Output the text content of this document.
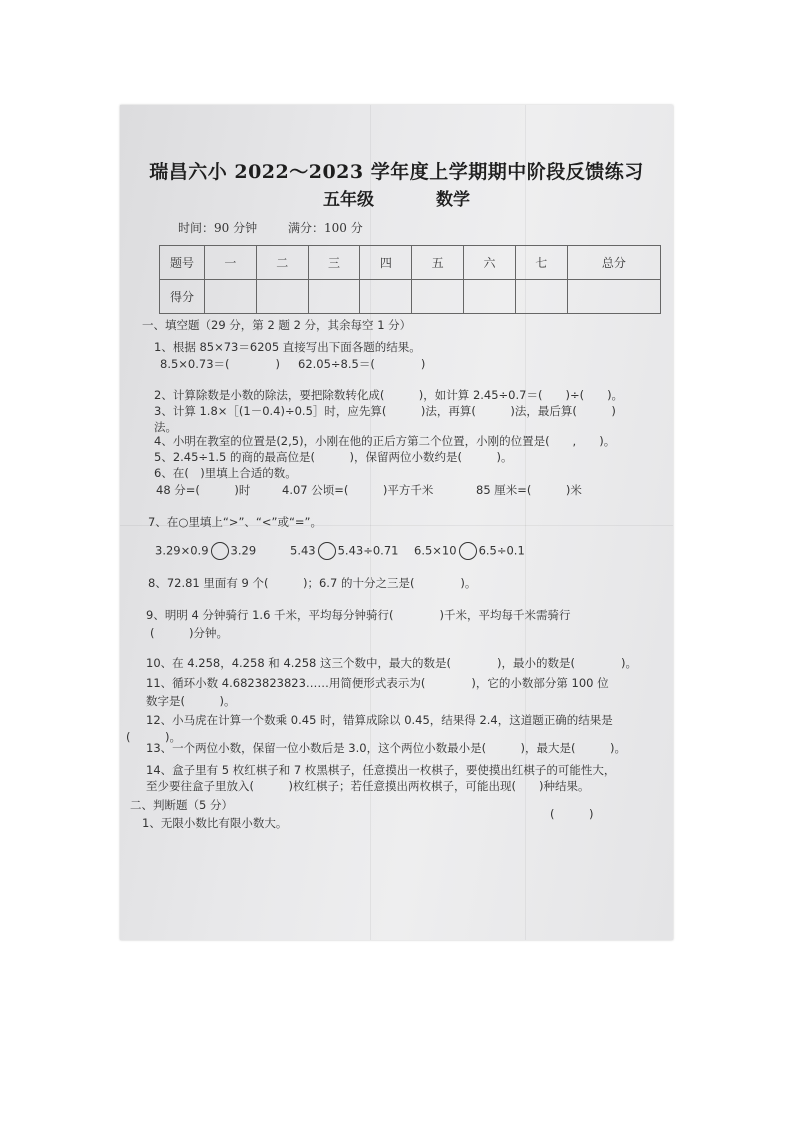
瑞昌六小 2022～2023 学年度上学期期中阶段反馈练习
五年级	数学
时间：90 分钟	满分：100 分
题号	一	二	三	四	五	六	七	总分
得分								
一、填空题（29 分，第 2 题 2 分，其余每空 1 分）
1、根据 85×73＝6205 直接写出下面各题的结果。
8.5×0.73＝(　　　　) 62.05÷8.5＝(　　　　)
2、计算除数是小数的除法，要把除数转化成(　　　)，如计算 2.45÷0.7＝(　　)÷(　　)。
3、计算 1.8×［(1－0.4)÷0.5］时，应先算(　　　)法，再算(　　　)法，最后算(　　　)
法。
4、小明在教室的位置是(2,5)，小刚在他的正后方第二个位置，小刚的位置是(　　,　　)。
5、2.45÷1.5 的商的最高位是(　　　)，保留两位小数约是(　　　)。
6、在(　)里填上合适的数。
48 分=(　　　)时	4.07 公顷=(　　　)平方千米	85 厘米=(　　　)米
7、在○里填上“>”、“<”或“=”。
3.29×0.9 3.29	5.43 5.43÷0.71 6.5×10 6.5÷0.1
8、72.81 里面有 9 个(　　　)；6.7 的十分之三是(　　　　)。
9、明明 4 分钟骑行 1.6 千米，平均每分钟骑行(　　　　)千米，平均每千米需骑行
(　　　)分钟。
10、在 4.258，4.258 和 4.258 这三个数中，最大的数是(　　　　)，最小的数是(　　　　)。
11、循环小数 4.6823823823……用简便形式表示为(　　　　)，它的小数部分第 100 位
数字是(　　　)。
12、小马虎在计算一个数乘 0.45 时，错算成除以 0.45，结果得 2.4，这道题正确的结果是
(　　　)。
13、一个两位小数，保留一位小数后是 3.0，这个两位小数最小是(　　　)，最大是(　　　)。
14、盒子里有 5 枚红棋子和 7 枚黑棋子，任意摸出一枚棋子，要使摸出红棋子的可能性大，
至少要往盒子里放入(　　　)枚红棋子；若任意摸出两枚棋子，可能出现(　　)种结果。
二、判断题（5 分）
1、无限小数比有限小数大。
(　　　)
